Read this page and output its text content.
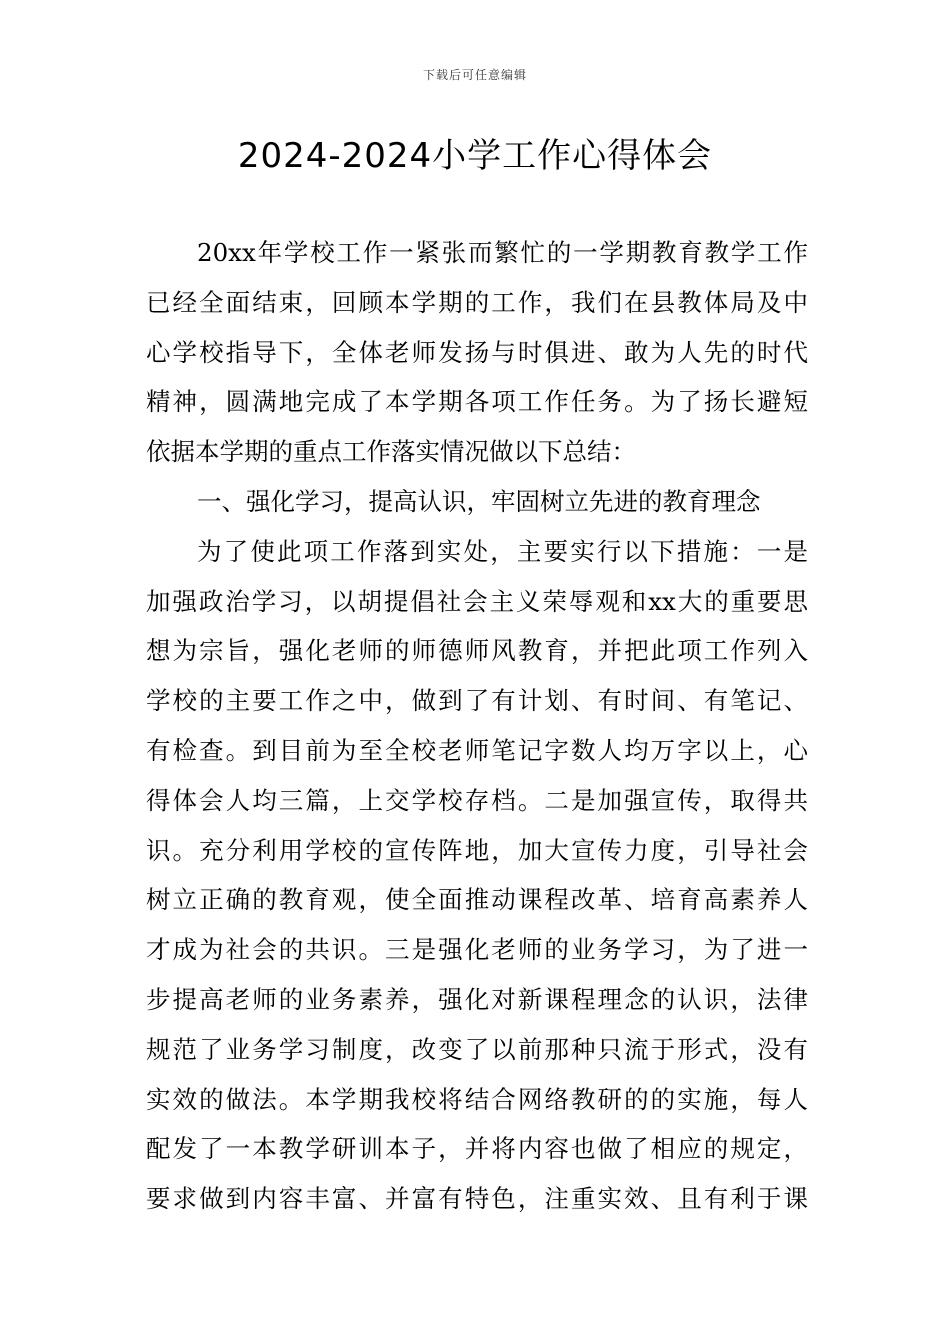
下载后可任意编辑
2024-2024小学工作心得体会
20xx年学校工作一紧张而繁忙的一学期教育教学工作
已经全面结束，回顾本学期的工作，我们在县教体局及中
心学校指导下，全体老师发扬与时俱进、敢为人先的时代
精神，圆满地完成了本学期各项工作任务。为了扬长避短
依据本学期的重点工作落实情况做以下总结：
一、强化学习，提高认识，牢固树立先进的教育理念
为了使此项工作落到实处，主要实行以下措施：一是
加强政治学习，以胡提倡社会主义荣辱观和xx大的重要思
想为宗旨，强化老师的师德师风教育，并把此项工作列入
学校的主要工作之中，做到了有计划、有时间、有笔记、
有检查。到目前为至全校老师笔记字数人均万字以上，心
得体会人均三篇，上交学校存档。二是加强宣传，取得共
识。充分利用学校的宣传阵地，加大宣传力度，引导社会
树立正确的教育观，使全面推动课程改革、培育高素养人
才成为社会的共识。三是强化老师的业务学习，为了进一
步提高老师的业务素养，强化对新课程理念的认识，法律
规范了业务学习制度，改变了以前那种只流于形式，没有
实效的做法。本学期我校将结合网络教研的的实施，每人
配发了一本教学研训本子，并将内容也做了相应的规定，
要求做到内容丰富、并富有特色，注重实效、且有利于课
